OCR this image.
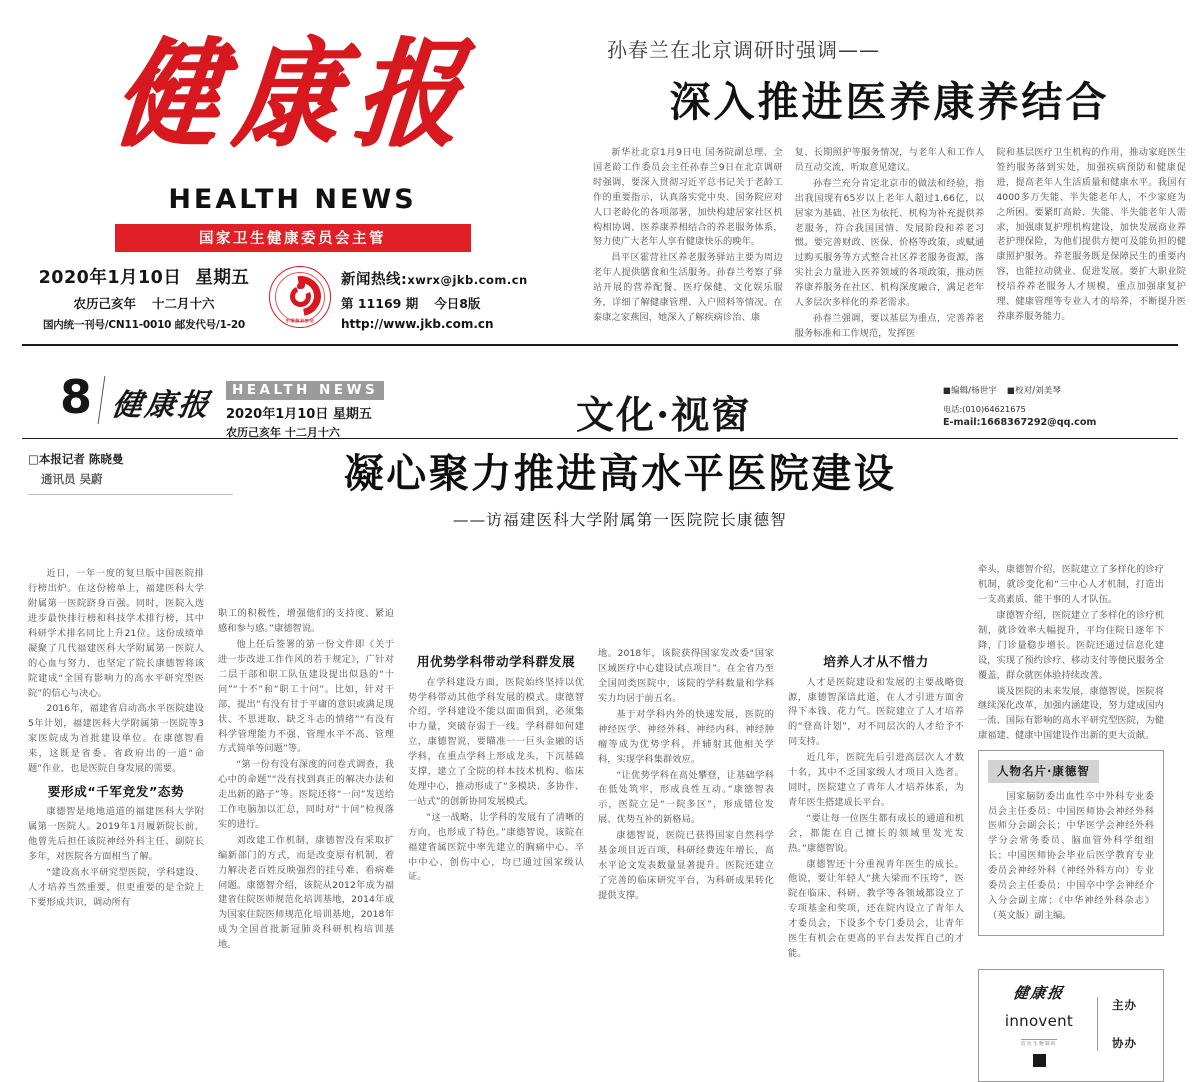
健康报
HEALTH NEWS
国家卫生健康委员会主管
2020年1月10日 星期五
农历己亥年 十二月十六
国内统一刊号/CN11-0010 邮发代号/1-20	中国报业协会
新闻热线:xwrx@jkb.com.cn
第 11169 期 今日8版
http://www.jkb.com.cn
孙春兰在北京调研时强调——
深入推进医养康养结合

新华社北京1月9日电 国务院副总理、全国老龄工作委员会主任孙春兰9日在北京调研时强调，要深入贯彻习近平总书记关于老龄工作的重要指示，认真落实党中央、国务院应对人口老龄化的各项部署，加快构建居家社区机构相协调、医养康养相结合的养老服务体系，努力使广大老年人享有健康快乐的晚年。

昌平区霍营社区养老服务驿站主要为周边老年人提供膳食和生活服务。孙春兰考察了驿站开展的营养配餐、医疗保健、文化娱乐服务，详细了解健康管理、入户照料等情况。在泰康之家燕园，她深入了解疾病诊治、康

复、长期照护等服务情况，与老年人和工作人员互动交流，听取意见建议。

孙春兰充分肯定北京市的做法和经验，指出我国现有65岁以上老年人超过1.66亿，以居家为基础、社区为依托、机构为补充提供养老服务，符合我国国情、发展阶段和养老习惯。要完善财政、医保、价格等政策，或赋通过购买服务等方式整合社区养老服务资源，落实社会力量进入医养领域的各项政策，推动医养康养服务在社区、机构深度融合，满足老年人多层次多样化的养老需求。

孙春兰强调，要以基层为重点，完善养老服务标准和工作规范，发挥医

院和基层医疗卫生机构的作用，推动家庭医生签约服务落到实处，加强疾病预防和健康促进，提高老年人生活质量和健康水平。我国有4000多万失能、半失能老年人，不少家庭为之所困。要紧盯高龄、失能、半失能老年人需求，加强康复护理机构建设，加快发展商业养老护理保险，为他们提供方便可及能负担的健康照护服务。养老服务既是保障民生的重要内容，也能拉动就业、促进发展。要扩大职业院校培养养老服务人才规模，重点加强康复护理、健康管理等专业人才的培养，不断提升医养康养服务能力。

8 健康报	HEALTH NEWS
2020年1月10日 星期五
农历己亥年 十二月十六	文化·视窗
■编辑/杨世宇 ■校对/刘美琴
电话:(010)64621675
E-mail:1668367292@qq.com
□本报记者 陈晓曼
通讯员 吴蔚	凝心聚力推进高水平医院建设
——访福建医科大学附属第一医院院长康德智

近日，一年一度的复旦版中国医院排行榜出炉。在这份榜单上，福建医科大学附属第一医院跻身百强。同时，医院入选进步最快排行榜和科技学术排行榜，其中科研学术排名同比上升21位。这份成绩单凝聚了几代福建医科大学附属第一医院人的心血与努力，也坚定了院长康德智将该院建成“全国有影响力的高水平研究型医院”的信心与决心。

2016年，福建省启动高水平医院建设5年计划，福建医科大学附属第一医院等3家医院成为首批建设单位。在康德智看来，这既是省委、省政府出的一道“命题”作业，也是医院自身发展的需要。

要形成“千军竞发”态势

康德智是地地道道的福建医科大学附属第一医院人。2019年1月履新院长前，他曾先后担任该院神经外科主任、副院长多年，对医院各方面相当了解。

“建设高水平研究型医院，学科建设、人才培养当然重要，但更重要的是全院上下要形成共识，调动所有

职工的积极性，增强他们的支持度、紧迫感和参与感。”康德智说。

他上任后签署的第一份文件即《关于进一步改进工作作风的若干规定》，广针对二层干部和职工队伍建设提出似恳的“十问”“十不”和“职工十问”。比如，针对干部，提出“有没有甘于平庸的意识或满足现状、不思进取、缺乏斗志的情绪”“有没有科学管理能力不强、管理水平不高、管理方式简单等问题”等。

“第一份有没有深度的问卷式调查，我心中的命题”“没有找到真正的解决办法和走出新的路子”等。医院还将“一问”发送给工作电脑加以汇总，同时对“十问”检视落实的进行。

刘改建工作机制，康德智没有采取扩编新部门的方式，而是改变原有机制，着力解决老百姓反映强烈的挂号难、看病难问题。康德智介绍，该院从2012年成为福建省住院医师规范化培训基地，2014年成为国家住院医师规范化培训基地，2018年成为全国首批新冠肺炎科研机构培训基地。

用优势学科带动学科群发展

在学科建设方面，医院始终坚持以优势学科带动其他学科发展的模式。康德智介绍，学科建设不能以面面俱到，必须集中力量，突破存弱于一线。学科群如何建立，康德智说，要瞄准一一巨头金融的话学科，在重点学科上形成龙头，下沉基础支撑，建立了全院的样本技术机构、临床处理中心，推动形成了“多模块、多协作、一站式”的创新协同发展模式。

“这一战略，让学科的发展有了清晰的方向，也形成了特色。”康德智说，该院在福建省属医院中率先建立的胸痛中心、卒中中心、创伤中心，均已通过国家级认证。

地。2018年，该院获得国家发改委“国家区域医疗中心建设试点项目”。在全省乃至全国同类医院中，该院的学科数量和学科实力均居于前五名。

基于对学科内外的快速发展，医院的神经医学、神经外科、神经内科、神经肿瘤等成为优势学科，并辅射其他相关学科，实现学科集群效应。

“让优势学科在高处攀登，让基础学科在低处筑牢，形成良性互动。”康德智表示，医院立足“一院多区”，形成错位发展、优势互补的新格局。

康德智说，医院已获得国家自然科学基金项目近百项，科研经费连年增长，高水平论文发表数量显著提升。医院还建立了完善的临床研究平台，为科研成果转化提供支撑。

培养人才从不惜力

人才是医院建设和发展的主要战略资源，康德智深谙此道，在人才引进方面舍得下本钱、花力气。医院建立了人才培养的“登高计划”，对不同层次的人才给予不同支持。

近几年，医院先后引进高层次人才数十名，其中不乏国家级人才项目入选者。同时，医院建立了青年人才培养体系，为青年医生搭建成长平台。

“要让每一位医生都有成长的通道和机会，都能在自己擅长的领域里发光发热。”康德智说。

康德智还十分重视青年医生的成长。他说，要让年轻人“挑大梁而不压垮”，医院在临床、科研、教学等各领域都设立了专项基金和奖项，还在院内设立了青年人才委员会，下设多个专门委员会，让青年医生有机会在更高的平台去发挥自己的才能。

牵头，康德智介绍，医院建立了多样化的诊疗机制，就诊变化和“三中心人才机制，打造出一支高素质、能干事的人才队伍。

康德智介绍，医院建立了多样化的诊疗机制，就诊效率大幅提升，平均住院日逐年下降，门诊量稳步增长。医院还通过信息化建设，实现了预约诊疗、移动支付等便民服务全覆盖，群众就医体验持续改善。

谈及医院的未来发展，康德智说，医院将继续深化改革，加强内涵建设，努力建成国内一流、国际有影响的高水平研究型医院，为健康福建、健康中国建设作出新的更大贡献。

人物名片·康德智

国家脑防委出血性卒中外科专业委员会主任委员；中国医师协会神经外科医师分会副会长；中华医学会神经外科学分会常务委员、脑血管外科学组组长；中国医师协会毕业后医学教育专业委员会神经外科（神经外科方向）专业委员会主任委员；中国卒中学会神经介入分会副主席；《中华神经外科杂志》（英文版）副主编。

健康报
innovent
信达生物制药
主办
协办
